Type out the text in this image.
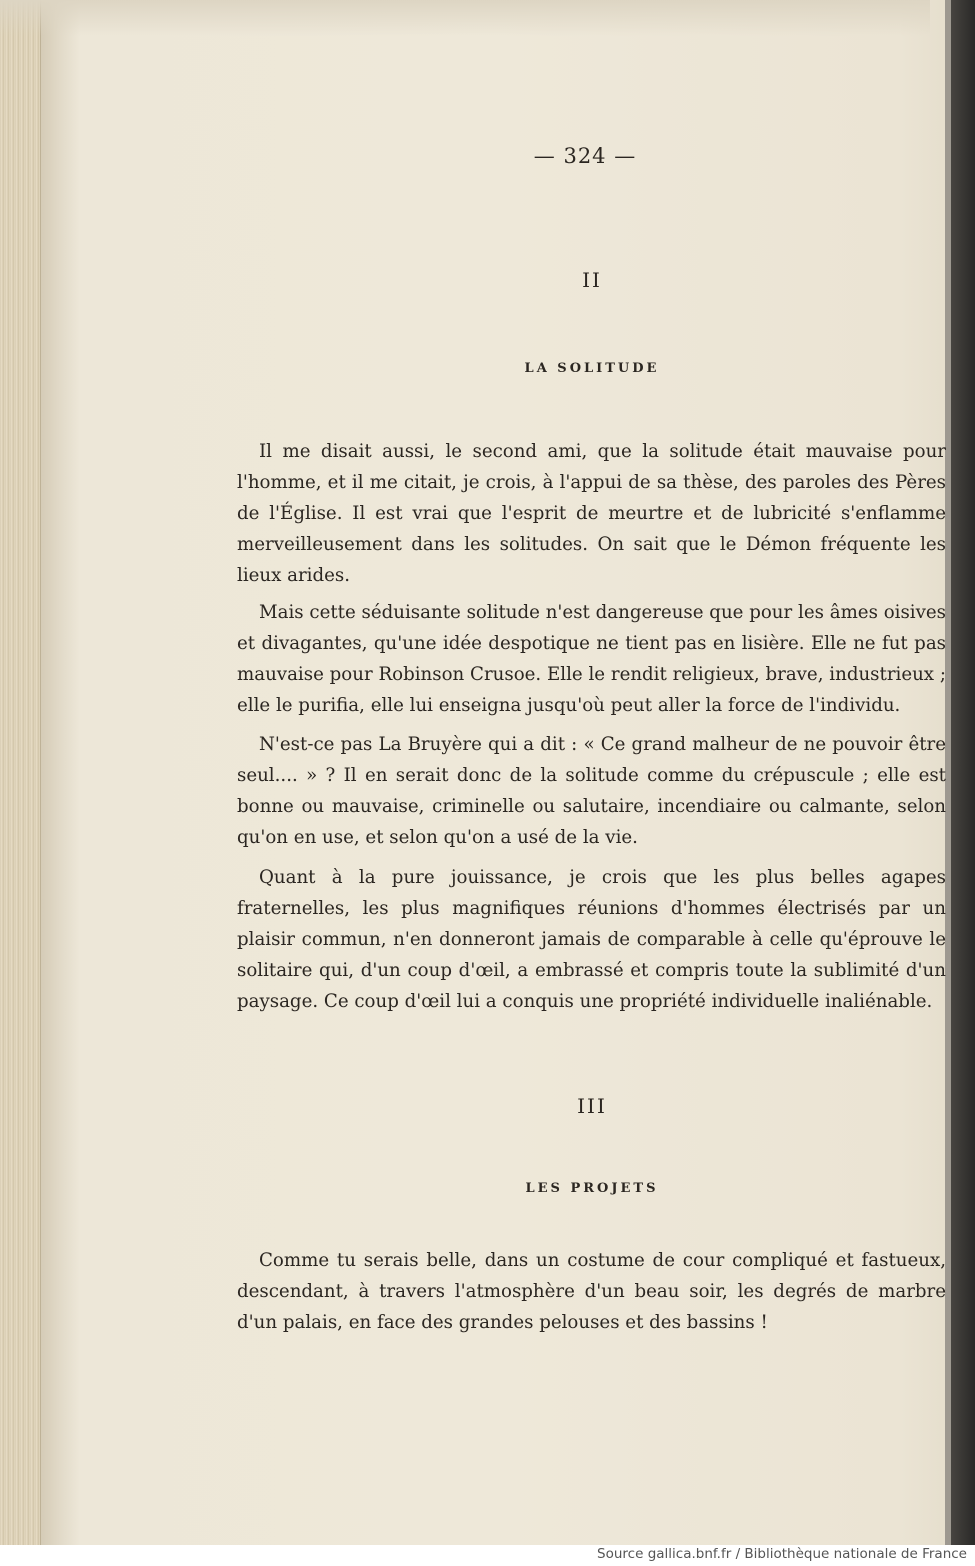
— 324 —
II
LA SOLITUDE

Il me disait aussi, le second ami, que la solitude était mauvaise pour l'homme, et il me citait, je crois, à l'appui de sa thèse, des paroles des Pères de l'Église. Il est vrai que l'esprit de meurtre et de lubricité s'enflamme merveilleusement dans les solitudes. On sait que le Démon fréquente les lieux arides.

Mais cette séduisante solitude n'est dangereuse que pour les âmes oisives et divagantes, qu'une idée despotique ne tient pas en lisière. Elle ne fut pas mauvaise pour Robinson Crusoe. Elle le rendit religieux, brave, industrieux ; elle le purifia, elle lui enseigna jusqu'où peut aller la force de l'individu.

N'est-ce pas La Bruyère qui a dit : « Ce grand malheur de ne pouvoir être seul.... » ? Il en serait donc de la solitude comme du crépuscule ; elle est bonne ou mauvaise, criminelle ou salutaire, incendiaire ou calmante, selon qu'on en use, et selon qu'on a usé de la vie.

Quant à la pure jouissance, je crois que les plus belles agapes fraternelles, les plus magnifiques réunions d'hommes électrisés par un plaisir commun, n'en donneront jamais de comparable à celle qu'éprouve le solitaire qui, d'un coup d'œil, a embrassé et compris toute la sublimité d'un paysage. Ce coup d'œil lui a conquis une propriété individuelle inaliénable.

III
LES PROJETS

Comme tu serais belle, dans un costume de cour compliqué et fastueux, descendant, à travers l'atmosphère d'un beau soir, les degrés de marbre d'un palais, en face des grandes pelouses et des bassins !

Source gallica.bnf.fr / Bibliothèque nationale de France
